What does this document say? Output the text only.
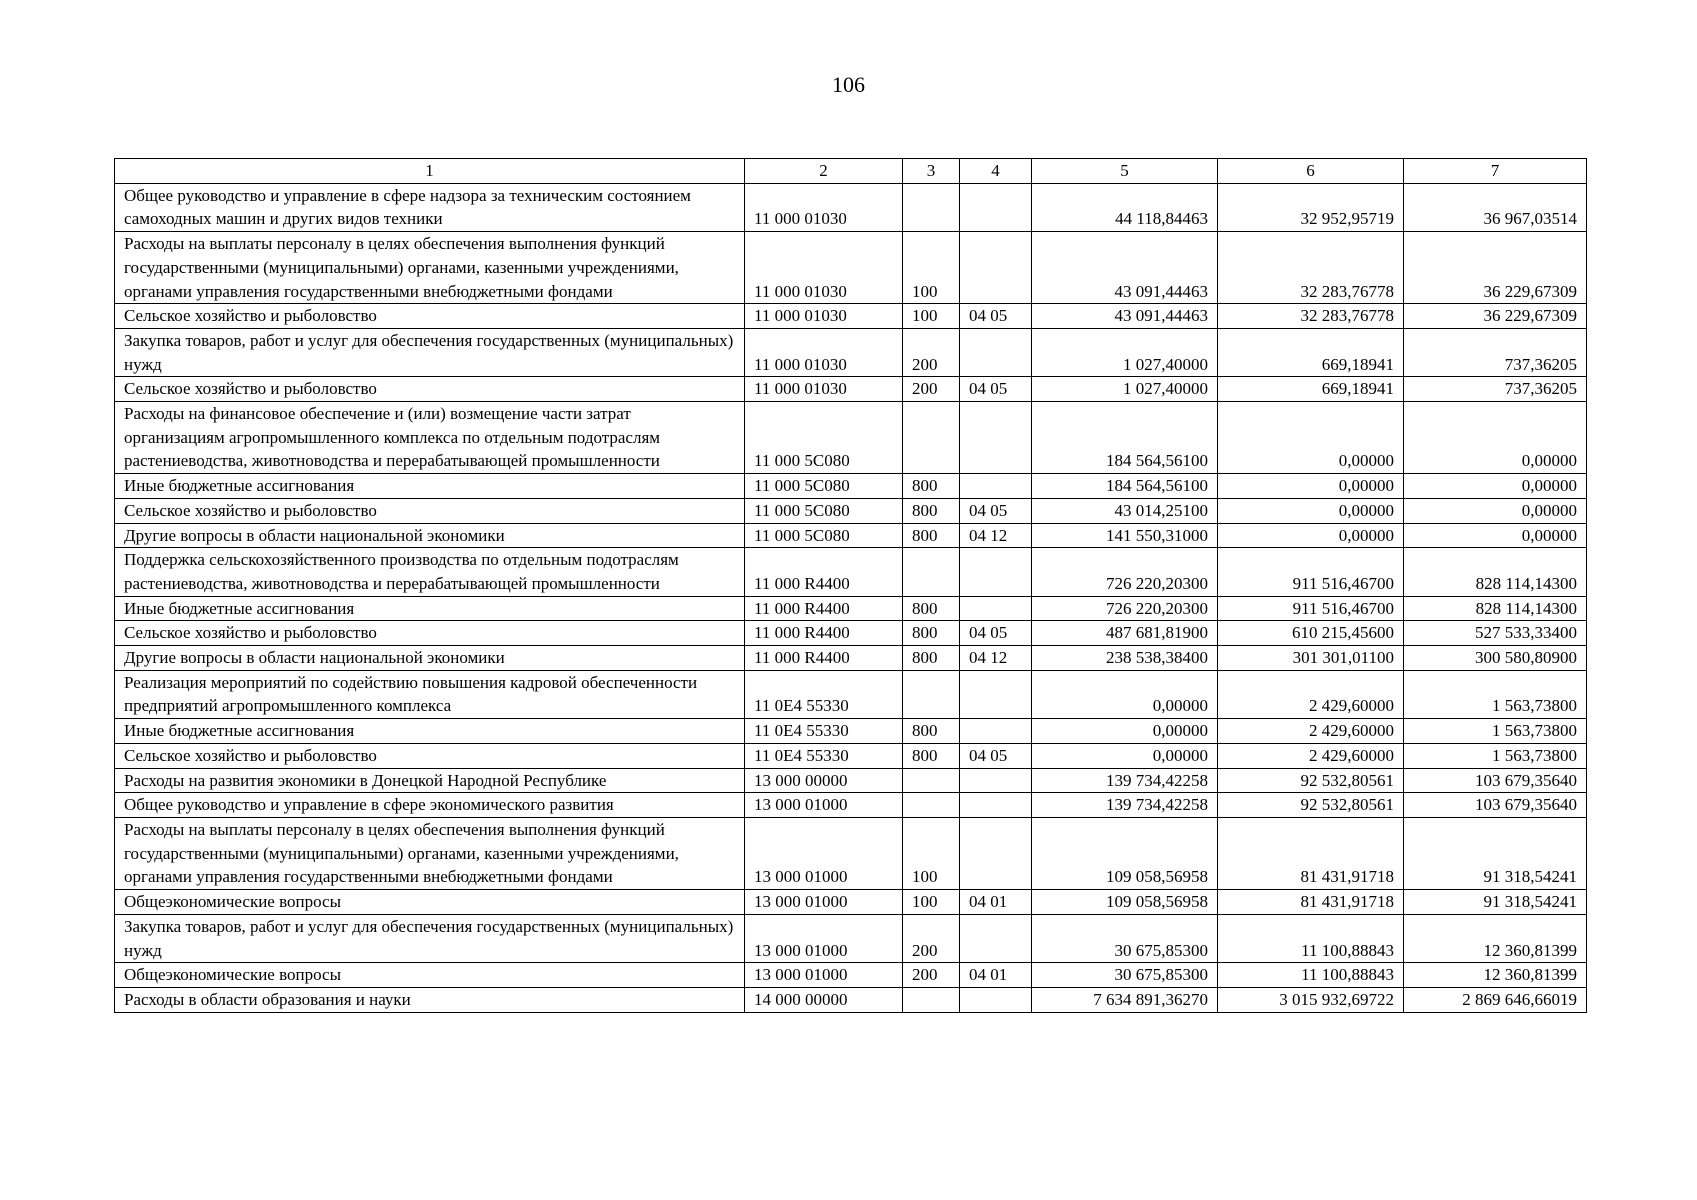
106
1	2	3	4	5	6	7
Общее руководство и управление в сфере надзора за техническим состоянием самоходных машин и других видов техники	11 000 01030			44 118,84463	32 952,95719	36 967,03514
Расходы на выплаты персоналу в целях обеспечения выполнения функций государственными (муниципальными) органами, казенными учреждениями, органами управления государственными внебюджетными фондами	11 000 01030	100		43 091,44463	32 283,76778	36 229,67309
Сельское хозяйство и рыболовство	11 000 01030	100	04 05	43 091,44463	32 283,76778	36 229,67309
Закупка товаров, работ и услуг для обеспечения государственных (муниципальных) нужд	11 000 01030	200		1 027,40000	669,18941	737,36205
Сельское хозяйство и рыболовство	11 000 01030	200	04 05	1 027,40000	669,18941	737,36205
Расходы на финансовое обеспечение и (или) возмещение части затрат организациям агропромышленного комплекса по отдельным подотраслям растениеводства, животноводства и перерабатывающей промышленности	11 000 5С080			184 564,56100	0,00000	0,00000
Иные бюджетные ассигнования	11 000 5С080	800		184 564,56100	0,00000	0,00000
Сельское хозяйство и рыболовство	11 000 5С080	800	04 05	43 014,25100	0,00000	0,00000
Другие вопросы в области национальной экономики	11 000 5С080	800	04 12	141 550,31000	0,00000	0,00000
Поддержка сельскохозяйственного производства по отдельным подотраслям растениеводства, животноводства и перерабатывающей промышленности	11 000 R4400			726 220,20300	911 516,46700	828 114,14300
Иные бюджетные ассигнования	11 000 R4400	800		726 220,20300	911 516,46700	828 114,14300
Сельское хозяйство и рыболовство	11 000 R4400	800	04 05	487 681,81900	610 215,45600	527 533,33400
Другие вопросы в области национальной экономики	11 000 R4400	800	04 12	238 538,38400	301 301,01100	300 580,80900
Реализация мероприятий по содействию повышения кадровой обеспеченности предприятий агропромышленного комплекса	11 0Е4 55330			0,00000	2 429,60000	1 563,73800
Иные бюджетные ассигнования	11 0Е4 55330	800		0,00000	2 429,60000	1 563,73800
Сельское хозяйство и рыболовство	11 0Е4 55330	800	04 05	0,00000	2 429,60000	1 563,73800
Расходы на развития экономики в Донецкой Народной Республике	13 000 00000			139 734,42258	92 532,80561	103 679,35640
Общее руководство и управление в сфере экономического развития	13 000 01000			139 734,42258	92 532,80561	103 679,35640
Расходы на выплаты персоналу в целях обеспечения выполнения функций государственными (муниципальными) органами, казенными учреждениями, органами управления государственными внебюджетными фондами	13 000 01000	100		109 058,56958	81 431,91718	91 318,54241
Общеэкономические вопросы	13 000 01000	100	04 01	109 058,56958	81 431,91718	91 318,54241
Закупка товаров, работ и услуг для обеспечения государственных (муниципальных) нужд	13 000 01000	200		30 675,85300	11 100,88843	12 360,81399
Общеэкономические вопросы	13 000 01000	200	04 01	30 675,85300	11 100,88843	12 360,81399
Расходы в области образования и науки	14 000 00000			7 634 891,36270	3 015 932,69722	2 869 646,66019
